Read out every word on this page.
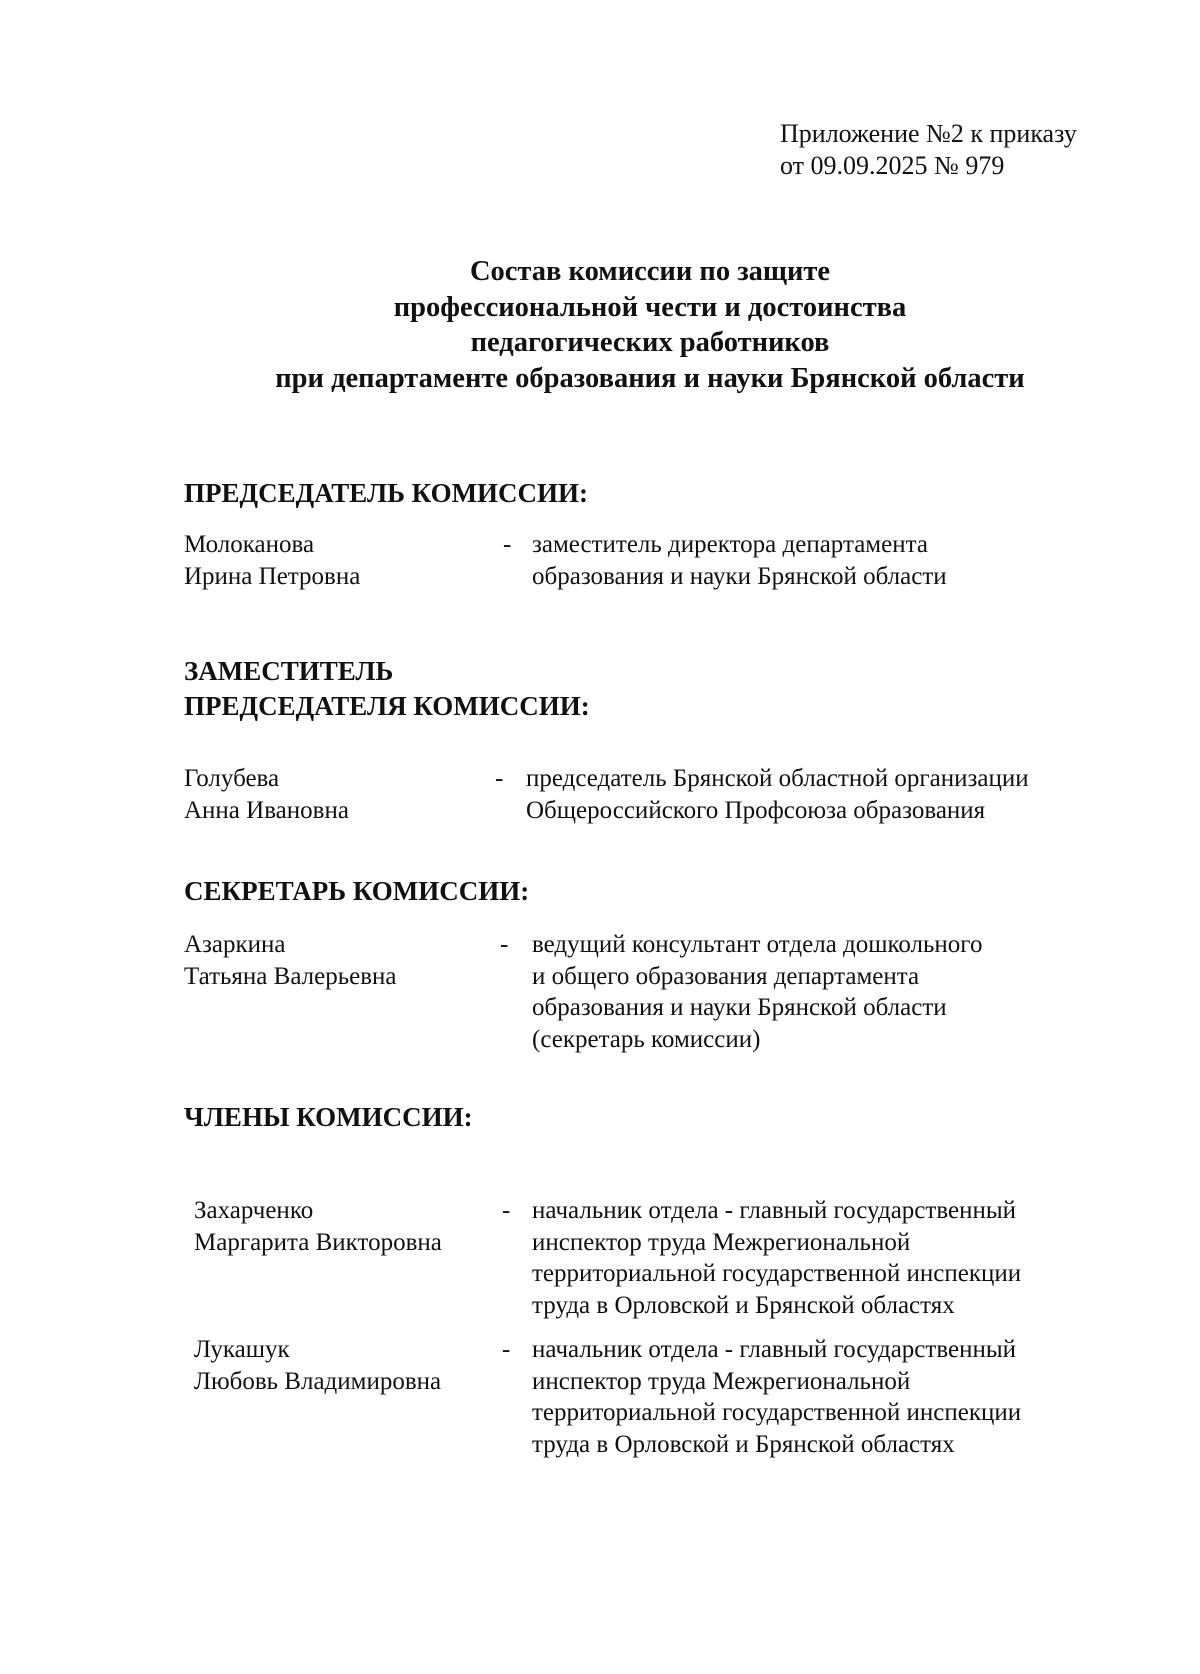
Приложение №2 к приказу
от 09.09.2025 № 979
Состав комиссии по защите
профессиональной чести и достоинства
педагогических работников
при департаменте образования и науки Брянской области
ПРЕДСЕДАТЕЛЬ КОМИССИИ:
Молоканова
Ирина Петровна
- заместитель директора департамента
образования и науки Брянской области
ЗАМЕСТИТЕЛЬ
ПРЕДСЕДАТЕЛЯ КОМИССИИ:
Голубева
Анна Ивановна
- председатель Брянской областной организации
Общероссийского Профсоюза образования
СЕКРЕТАРЬ КОМИССИИ:
Азаркина
Татьяна Валерьевна
- ведущий консультант отдела дошкольного
и общего образования департамента
образования и науки Брянской области
(секретарь комиссии)
ЧЛЕНЫ КОМИССИИ:
Захарченко
Маргарита Викторовна
- начальник отдела - главный государственный
инспектор труда Межрегиональной
территориальной государственной инспекции
труда в Орловской и Брянской областях
Лукашук
Любовь Владимировна
- начальник отдела - главный государственный
инспектор труда Межрегиональной
территориальной государственной инспекции
труда в Орловской и Брянской областях
